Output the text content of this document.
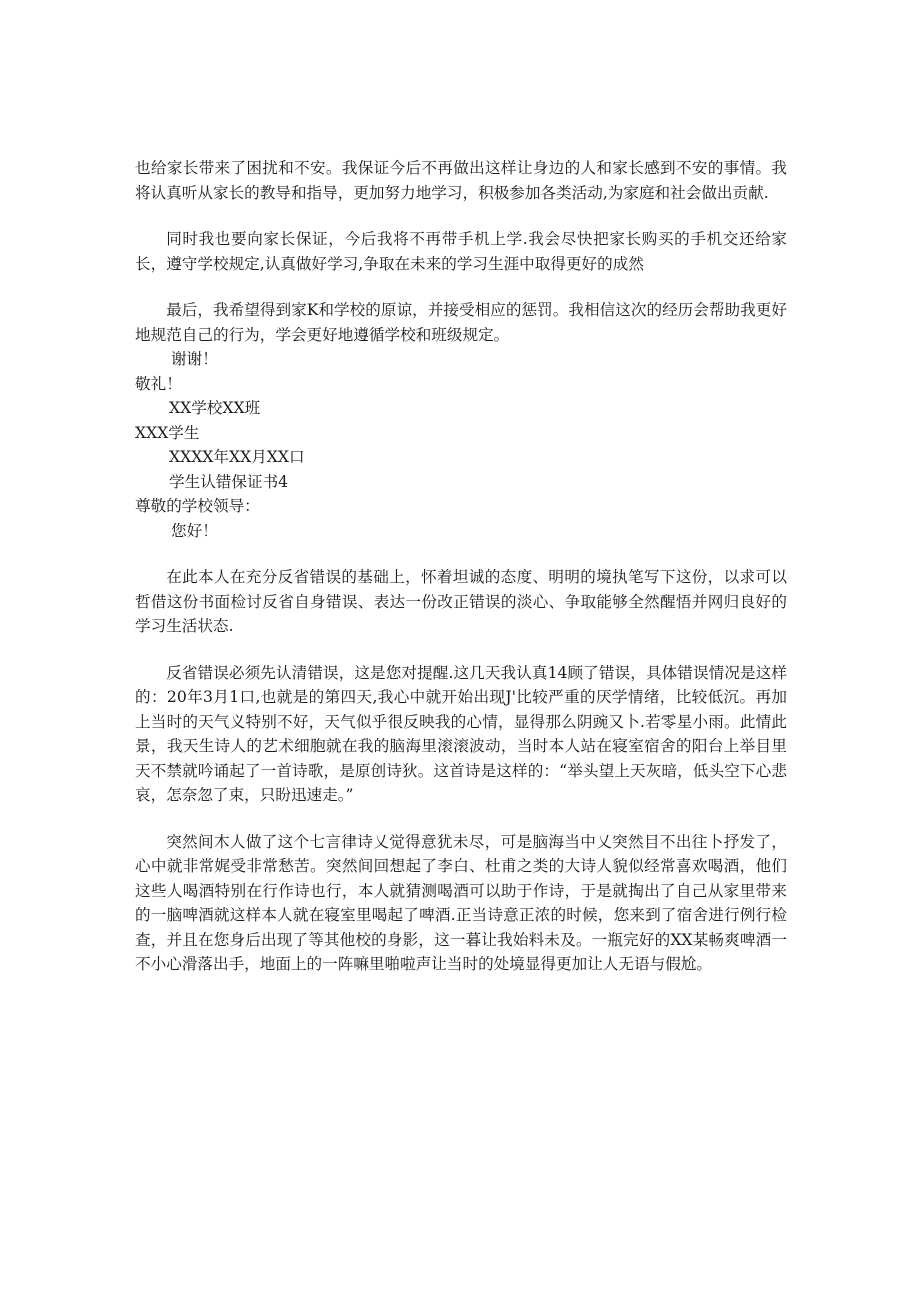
也给家长带来了困扰和不安。我保证今后不再做出这样让身边的人和家长感到不安的事情。我将认真听从家长的教导和指导，更加努力地学习，积极参加各类活动,为家庭和社会做出贡献.

同时我也要向家长保证，今后我将不再带手机上学.我会尽快把家长购买的手机交还给家长，遵守学校规定,认真做好学习,争取在未来的学习生涯中取得更好的成然

最后，我希望得到家K和学校的原谅，并接受相应的惩罚。我相信这次的经历会帮助我更好地规范自己的行为，学会更好地遵循学校和班级规定。

谢谢！

敬礼！

XX学校XX班

XXX学生

XXXX年XX月XX口

学生认错保证书4

尊敬的学校领导：

您好！

在此本人在充分反省错误的基础上，怀着坦诚的态度、明明的境执笔写下这份，以求可以哲借这份书面检讨反省自身错误、表达一份改正错误的淡心、争取能够全然醒悟并网归良好的学习生活状态.

反省错误必须先认清错误，这是您对提醒.这几天我认真14顾了错误，具体错误情况是这样的：20年3月1口,也就是的第四天,我心中就开始出现J'比较严重的厌学情绪，比较低沉。再加上当时的天气义特别不好，天气似乎很反映我的心情，显得那么阴豌又卜.若零星小雨。此情此景，我天生诗人的艺术细胞就在我的脑海里滚滚波动，当时本人站在寝室宿舍的阳台上举目里天不禁就吟诵起了一首诗歌，是原创诗狄。这首诗是这样的：“举头望上天灰暗，低头空下心悲哀，怎奈忽了束，只盼迅速走。”

突然间木人做了这个七言律诗乂觉得意犹未尽，可是脑海当中乂突然目不出往卜抒发了，心中就非常娓受非常愁苦。突然间回想起了李白、杜甫之类的大诗人貌似经常喜欢喝酒，他们这些人喝酒特别在行作诗也行，本人就猜测喝酒可以助于作诗，于是就掏出了自己从家里带来的一脑啤酒就这样本人就在寝室里喝起了啤酒.正当诗意正浓的时候，您来到了宿舍进行例行检查，并且在您身后出现了等其他校的身影，这一暮让我始料未及。一瓶完好的XX某畅爽啤酒一不小心滑落出手，地面上的一阵嘛里啪啦声让当时的处境显得更加让人无语与假尬。
